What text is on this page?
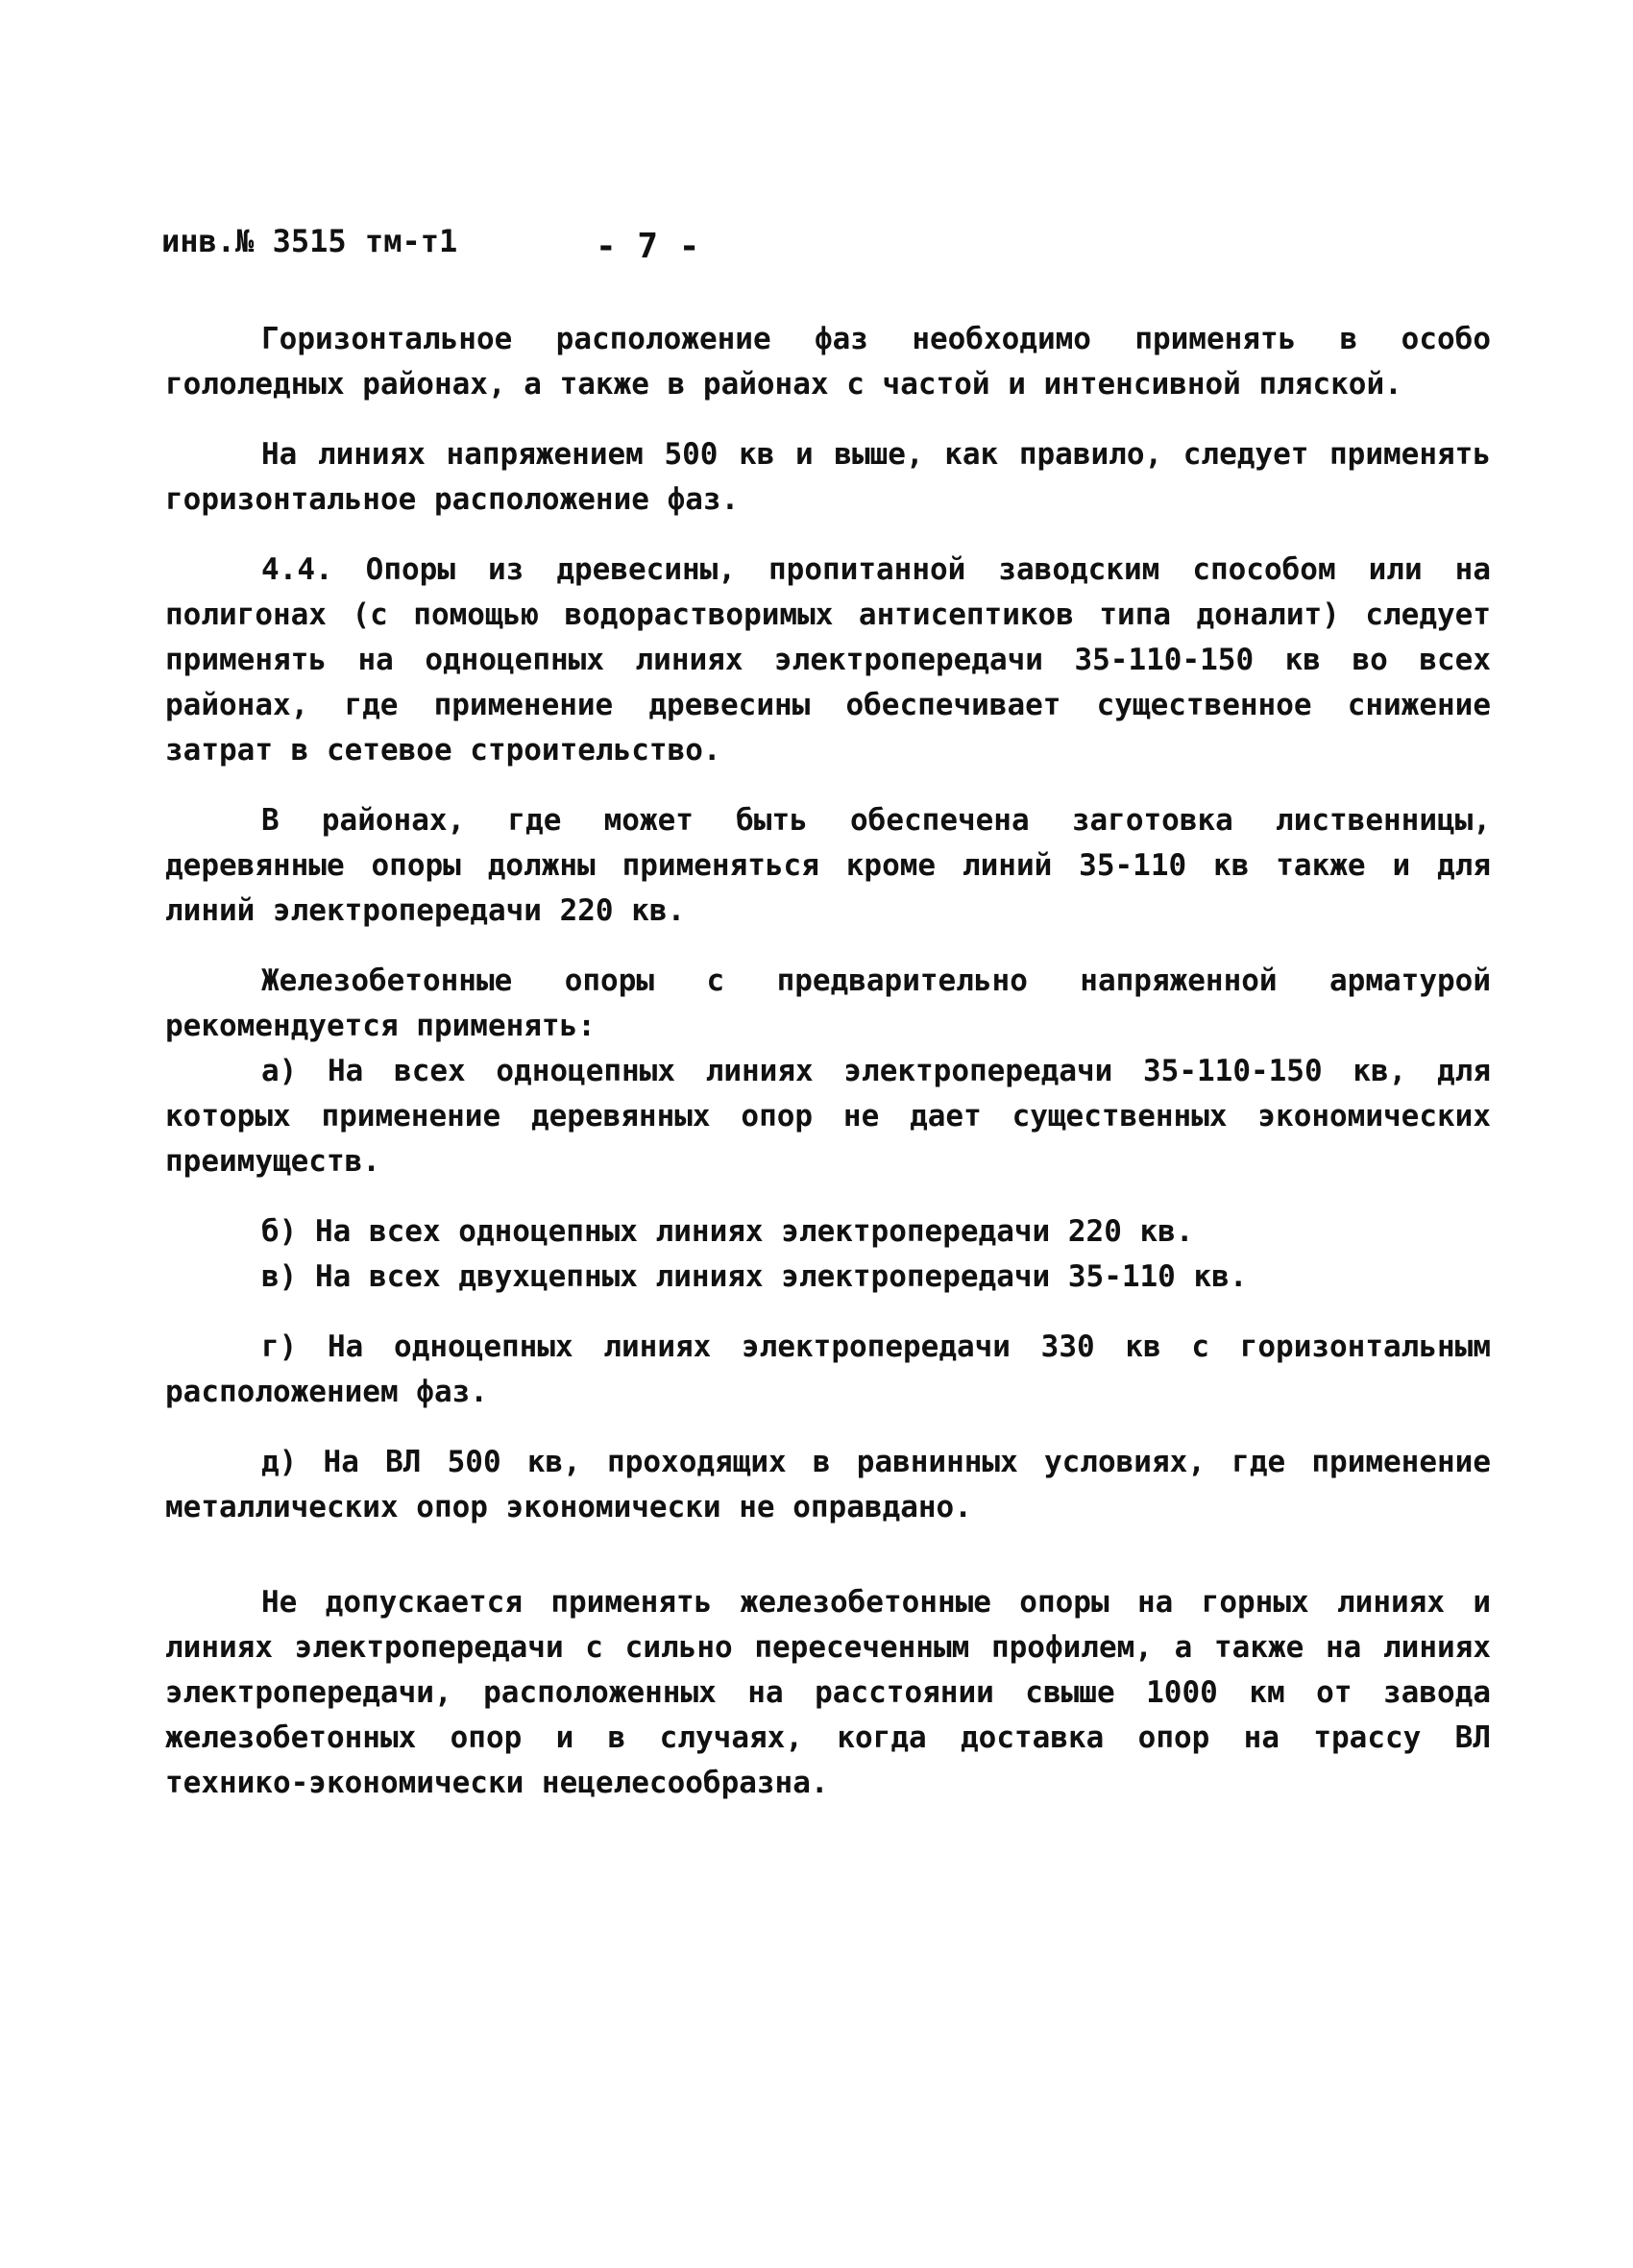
инв.№ 3515 тм-т1	- 7 -

Горизонтальное расположение фаз необходимо применять в особо гололедных районах, а также в районах с частой и интенсивной пляской.

На линиях напряжением 500 кв и выше, как правило, следует применять горизонтальное расположение фаз.

4.4. Опоры из древесины, пропитанной заводским способом или на полигонах (с помощью водорастворимых антисептиков типа доналит) следует применять на одноцепных линиях электропередачи 35-110-150 кв во всех районах, где применение древесины обеспечивает существенное снижение затрат в сетевое строительство.

В районах, где может быть обеспечена заготовка лиственницы, деревянные опоры должны применяться кроме линий 35-110 кв также и для линий электропередачи 220 кв.

Железобетонные опоры с предварительно напряженной арматурой рекомендуется применять:

а) На всех одноцепных линиях электропередачи 35-110-150 кв, для которых применение деревянных опор не дает существенных экономических преимуществ.

б) На всех одноцепных линиях электропередачи 220 кв.

в) На всех двухцепных линиях электропередачи 35-110 кв.

г) На одноцепных линиях электропередачи 330 кв с горизонтальным расположением фаз.

д) На ВЛ 500 кв, проходящих в равнинных условиях, где применение металлических опор экономически не оправдано.

Не допускается применять железобетонные опоры на горных линиях и линиях электропередачи с сильно пересеченным профилем, а также на линиях электропередачи, расположенных на расстоянии свыше 1000 км от завода железобетонных опор и в случаях, когда доставка опор на трассу ВЛ технико-экономически нецелесообразна.
